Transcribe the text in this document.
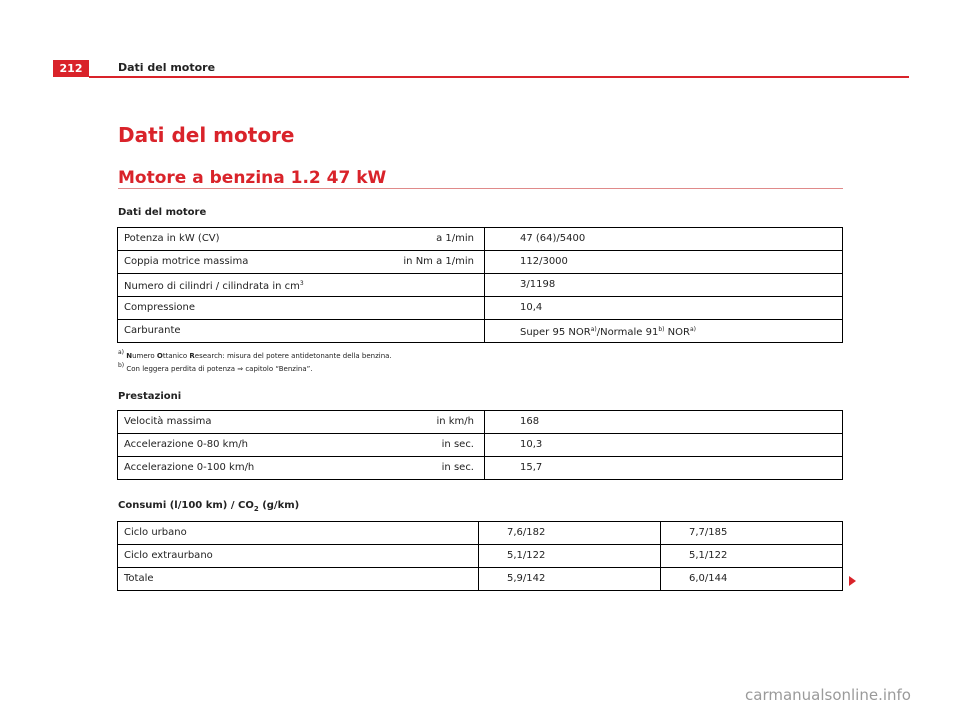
212	Dati del motore
Dati del motore
Motore a benzina 1.2 47 kW
Dati del motore
Potenza in kW (CV)	a 1/min	47 (64)/5400
Coppia motrice massima	in Nm a 1/min	112/3000
Numero di cilindri / cilindrata in $cm^3$		3/1198
Compressione		10,4
Carburante		Super 95 NOR$^{a)}$/Normale 91$^{b)}$ NOR$^{a)}$
$^{a)}$ Numero Ottanico Research: misura del potere antidetonante della benzina.
$^{b)}$ Con leggera perdita di potenza ⇒ capitolo “Benzina”.
Prestazioni
Velocità massima	in km/h	168
Accelerazione 0-80 km/h	in sec.	10,3
Accelerazione 0-100 km/h	in sec.	15,7
Consumi (l/100 $km) / CO_2$ (g/km)
Ciclo urbano	7,6/182	7,7/185
Ciclo extraurbano	5,1/122	5,1/122
Totale	5,9/142	6,0/144
carmanualsonline.info
